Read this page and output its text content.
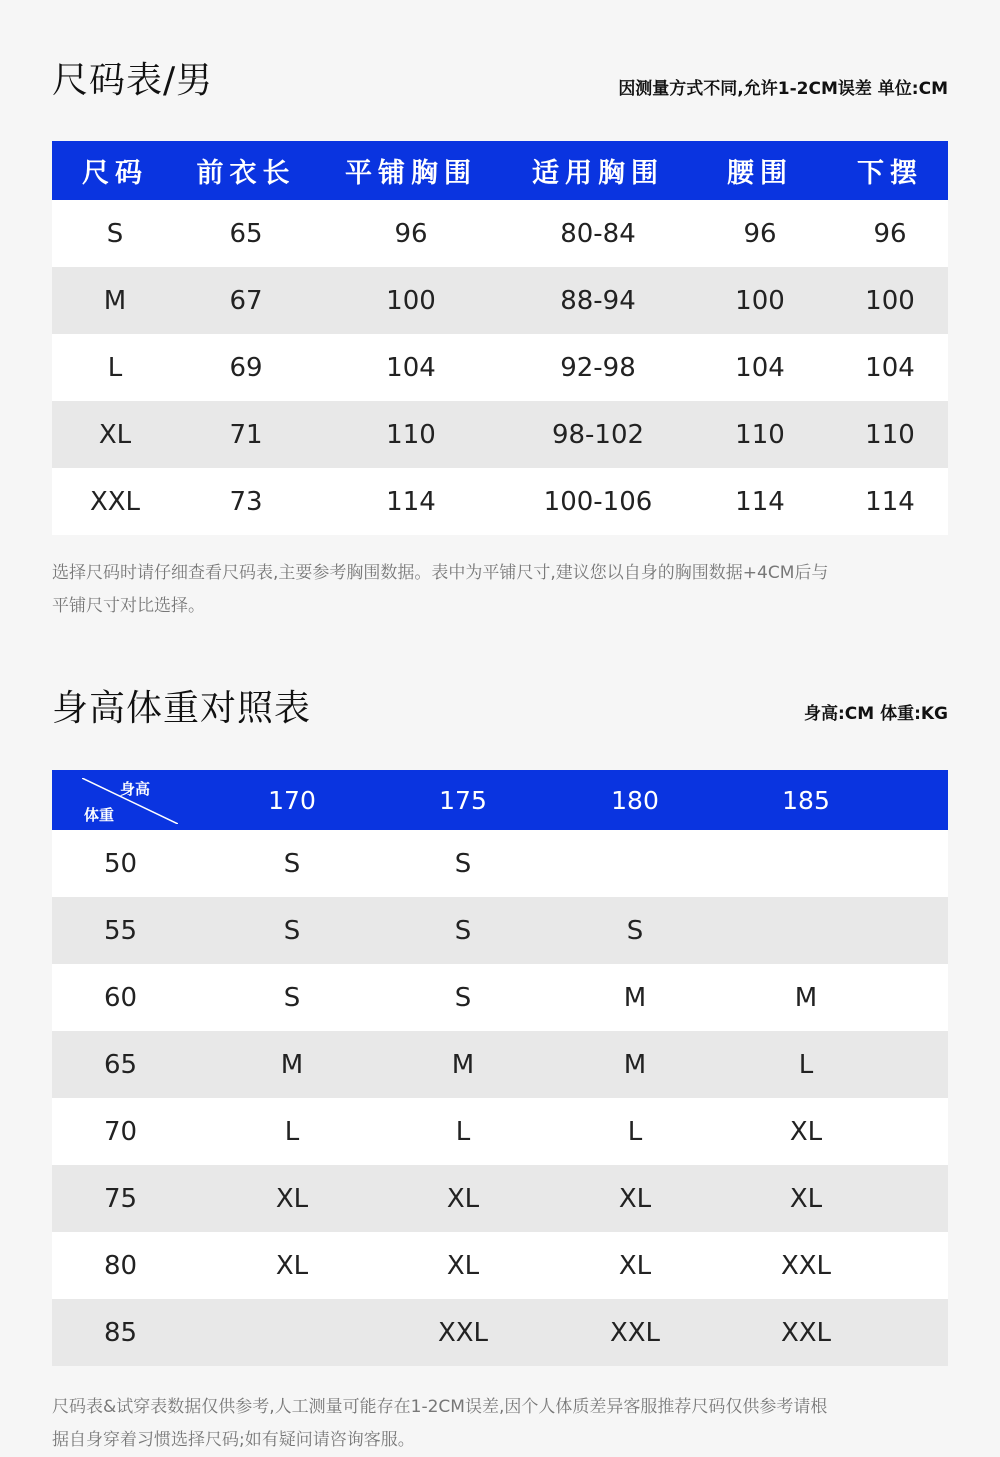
尺码表/男	因测量方式不同,允许1-2CM误差 单位:CM
尺码	前衣长	平铺胸围	适用胸围	腰围	下摆
S	65	96	80-84	96	96
M	67	100	88-94	100	100
L	69	104	92-98	104	104
XL	71	110	98-102	110	110
XXL	73	114	100-106	114	114
选择尺码时请仔细查看尺码表,主要参考胸围数据。表中为平铺尺寸,建议您以自身的胸围数据+4CM后与
平铺尺寸对比选择。
身高体重对照表	身高:CM 体重:KG
身高
体重	170	175	180	185	
50	S	S			
55	S	S	S		
60	S	S	M	M	
65	M	M	M	L	
70	L	L	L	XL	
75	XL	XL	XL	XL	
80	XL	XL	XL	XXL	
85		XXL	XXL	XXL	
尺码表&试穿表数据仅供参考,人工测量可能存在1-2CM误差,因个人体质差异客服推荐尺码仅供参考请根
据自身穿着习惯选择尺码;如有疑问请咨询客服。
